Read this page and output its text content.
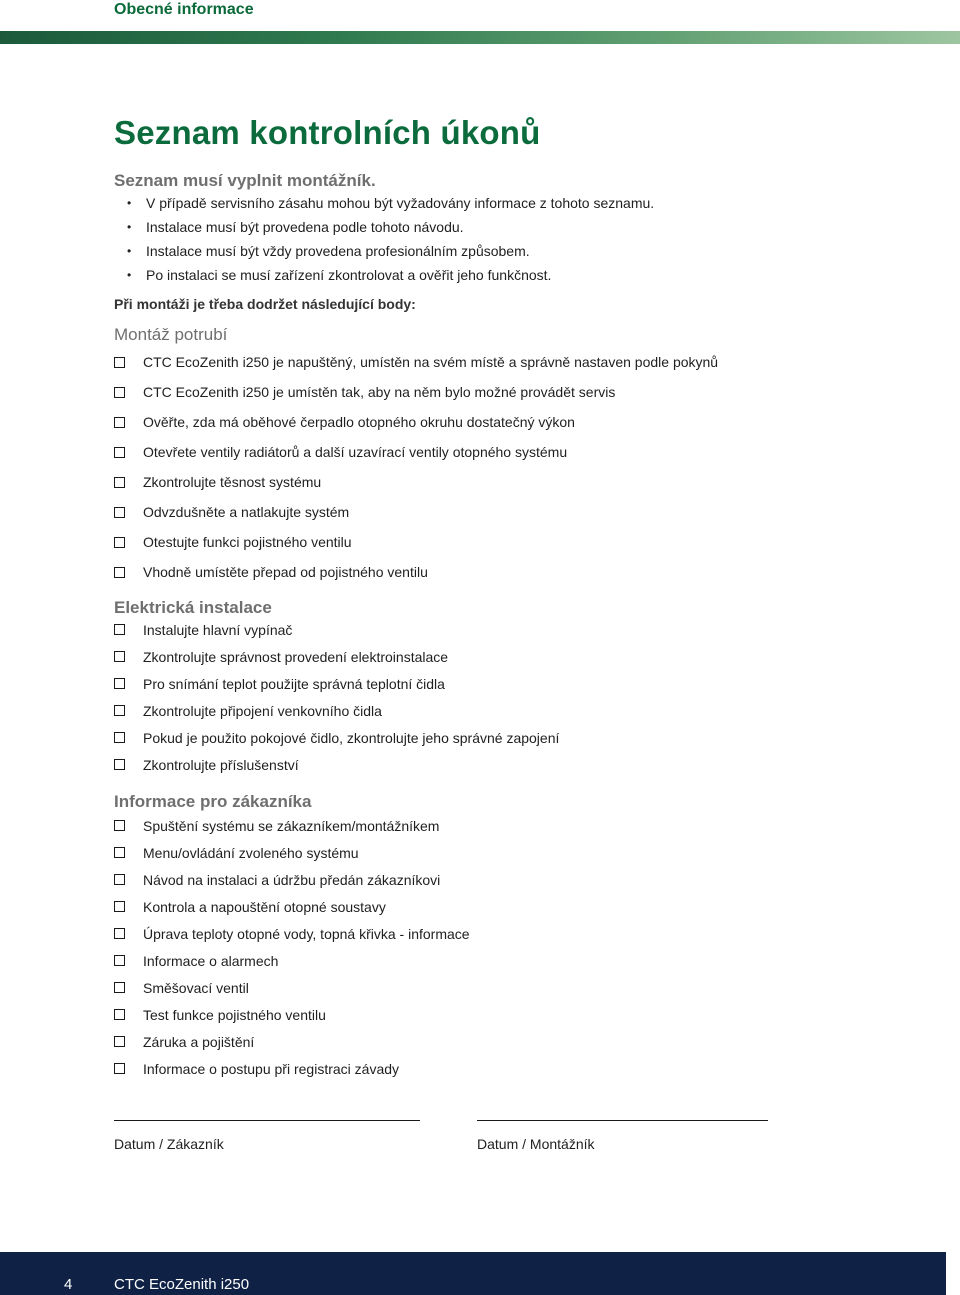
Obecné informace
Seznam kontrolních úkonů
Seznam musí vyplnit montážník.
• V případě servisního zásahu mohou být vyžadovány informace z tohoto seznamu.
• Instalace musí být provedena podle tohoto návodu.
• Instalace musí být vždy provedena profesionálním způsobem.
• Po instalaci se musí zařízení zkontrolovat a ověřit jeho funkčnost.
Při montáži je třeba dodržet následující body:
Montáž potrubí
CTC EcoZenith i250 je napuštěný, umístěn na svém místě a správně nastaven podle pokynů
CTC EcoZenith i250 je umístěn tak, aby na něm bylo možné provádět servis
Ověřte, zda má oběhové čerpadlo otopného okruhu dostatečný výkon
Otevřete ventily radiátorů a další uzavírací ventily otopného systému
Zkontrolujte těsnost systému
Odvzdušněte a natlakujte systém
Otestujte funkci pojistného ventilu
Vhodně umístěte přepad od pojistného ventilu
Elektrická instalace
Instalujte hlavní vypínač
Zkontrolujte správnost provedení elektroinstalace
Pro snímání teplot použijte správná teplotní čidla
Zkontrolujte připojení venkovního čidla
Pokud je použito pokojové čidlo, zkontrolujte jeho správné zapojení
Zkontrolujte příslušenství
Informace pro zákazníka
Spuštění systému se zákazníkem/montážníkem
Menu/ovládání zvoleného systému
Návod na instalaci a údržbu předán zákazníkovi
Kontrola a napouštění otopné soustavy
Úprava teploty otopné vody, topná křivka - informace
Informace o alarmech
Směšovací ventil
Test funkce pojistného ventilu
Záruka a pojištění
Informace o postupu při registraci závady
Datum / Zákazník	Datum / Montážník
4	CTC EcoZenith i250
